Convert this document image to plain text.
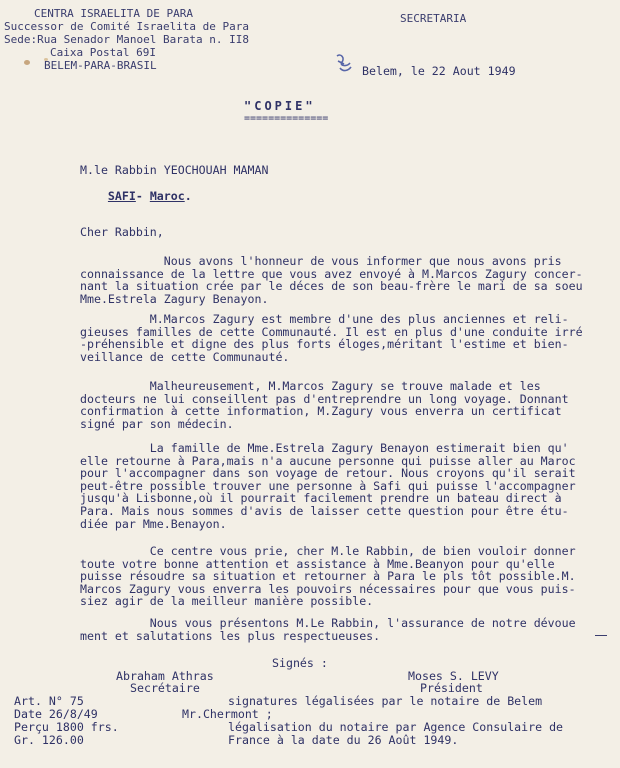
CENTRA ISRAELITA DE PARA
Successor de Comité Israelita de Para
Sede:Rua Senador Manoel Barata n. II8
Caixa Postal 69I
BELEM-PARA-BRASIL
SECRETARIA
Belem, le 22 Aout 1949
"COPIE"
==============
M.le Rabbin YEOCHOUAH MAMAN

SAFI- Maroc.

Cher Rabbin,
Nous avons l'honneur de vous informer que nous avons pris
connaissance de la lettre que vous avez envoyé à M.Marcos Zagury concer-
nant la situation crée par le déces de son beau-frère le mari de sa soeu
Mme.Estrela Zagury Benayon.
M.Marcos Zagury est membre d'une des plus anciennes et reli-
gieuses familles de cette Communauté. Il est en plus d'une conduite irré
-préhensible et digne des plus forts éloges,méritant l'estime et bien-
veillance de cette Communauté.
Malheureusement, M.Marcos Zagury se trouve malade et les
docteurs ne lui conseillent pas d'entreprendre un long voyage. Donnant
confirmation à cette information, M.Zagury vous enverra un certificat
signé par son médecin.
La famille de Mme.Estrela Zagury Benayon estimerait bien qu'
elle retourne à Para,mais n'a aucune personne qui puisse aller au Maroc
pour l'accompagner dans son voyage de retour. Nous croyons qu'il serait
peut-être possible trouver une personne à Safi qui puisse l'accompagner
jusqu'à Lisbonne,où il pourrait facilement prendre un bateau direct à
Para. Mais nous sommes d'avis de laisser cette question pour être étu-
diée par Mme.Benayon.
Ce centre vous prie, cher M.le Rabbin, de bien vouloir donner
toute votre bonne attention et assistance à Mme.Beanyon pour qu'elle
puisse résoudre sa situation et retourner à Para le pls tôt possible.M.
Marcos Zagury vous enverra les pouvoirs nécessaires pour que vous puis-
siez agir de la meilleur manière possible.
Nous vous présentons M.Le Rabbin, l'assurance de notre dévoue
ment et salutations les plus respectueuses.
Signés :
Abraham Athras
Secrétaire
Moses S. LEVY
Président
Art. N° 75
Date 26/8/49
Perçu 1800 frs.
Gr. 126.00
signatures légalisées par le notaire de Belem
Mr.Chermont ;
légalisation du notaire par Agence Consulaire de
France à la date du 26 Août 1949.
